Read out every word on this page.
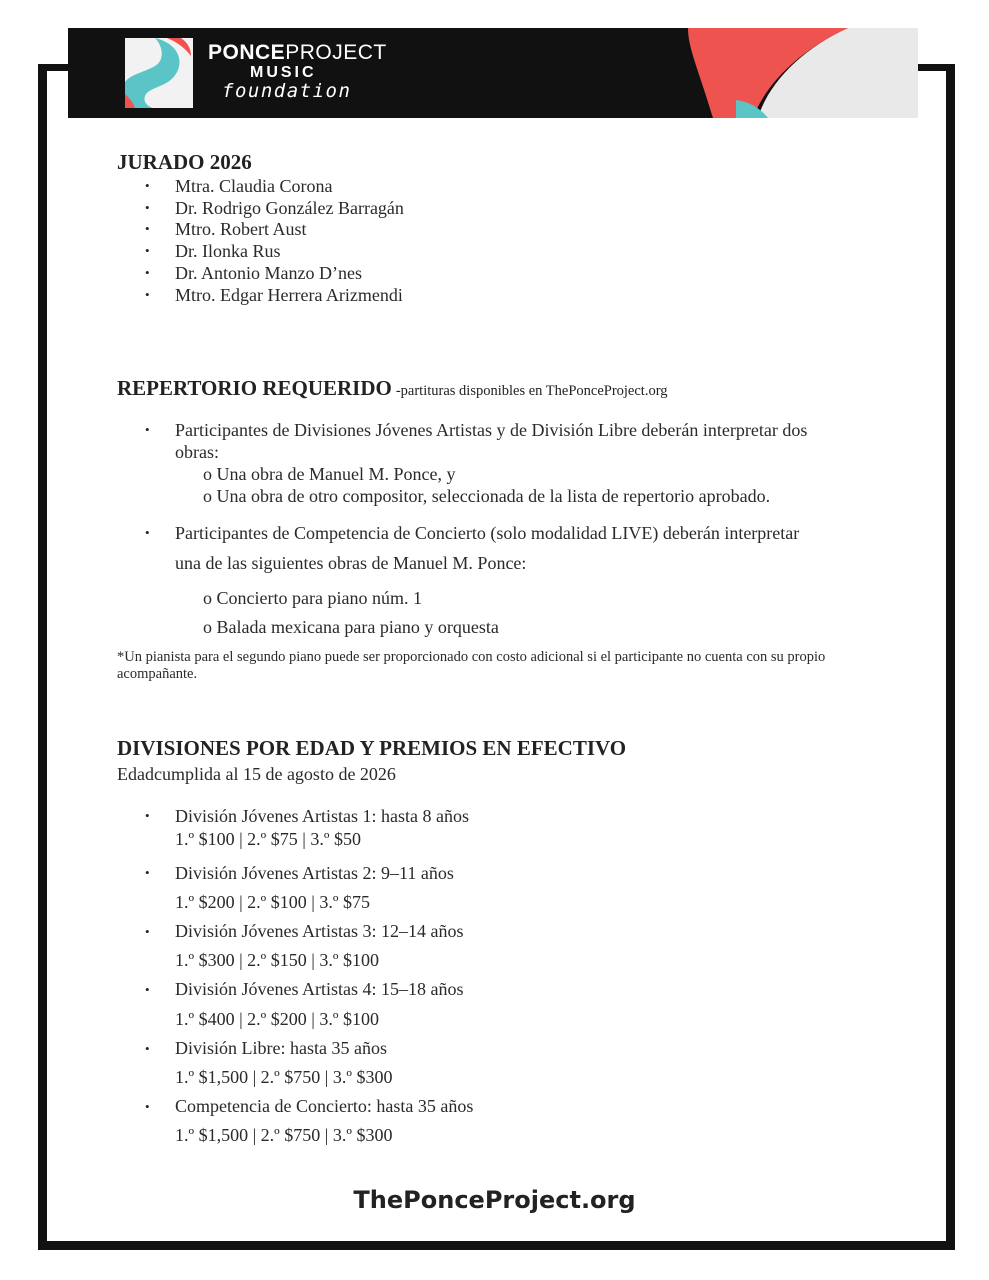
PONCEPROJECT
MUSIC
foundation
JURADO 2026
• Mtra. Claudia Corona
• Dr. Rodrigo González Barragán
• Mtro. Robert Aust
• Dr. Ilonka Rus
• Dr. Antonio Manzo D’nes
• Mtro. Edgar Herrera Arizmendi
REPERTORIO REQUERIDO -partituras disponibles en ThePonceProject.org
• Participantes de Divisiones Jóvenes Artistas y de División Libre deberán interpretar dos
obras:
o Una obra de Manuel M. Ponce, y
o Una obra de otro compositor, seleccionada de la lista de repertorio aprobado.
• Participantes de Competencia de Concierto (solo modalidad LIVE) deberán interpretar
una de las siguientes obras de Manuel M. Ponce:
o Concierto para piano núm. 1
o Balada mexicana para piano y orquesta
*Un pianista para el segundo piano puede ser proporcionado con costo adicional si el participante no cuenta con su propio acompañante.
DIVISIONES POR EDAD Y PREMIOS EN EFECTIVO
Edadcumplida al 15 de agosto de 2026
• División Jóvenes Artistas 1: hasta 8 años
1.º $100 | 2.º $75 | 3.º $50
• División Jóvenes Artistas 2: 9–11 años
1.º $200 | 2.º $100 | 3.º $75
• División Jóvenes Artistas 3: 12–14 años
1.º $300 | 2.º $150 | 3.º $100
• División Jóvenes Artistas 4: 15–18 años
1.º $400 | 2.º $200 | 3.º $100
• División Libre: hasta 35 años
1.º $1,500 | 2.º $750 | 3.º $300
• Competencia de Concierto: hasta 35 años
1.º $1,500 | 2.º $750 | 3.º $300
ThePonceProject.org
